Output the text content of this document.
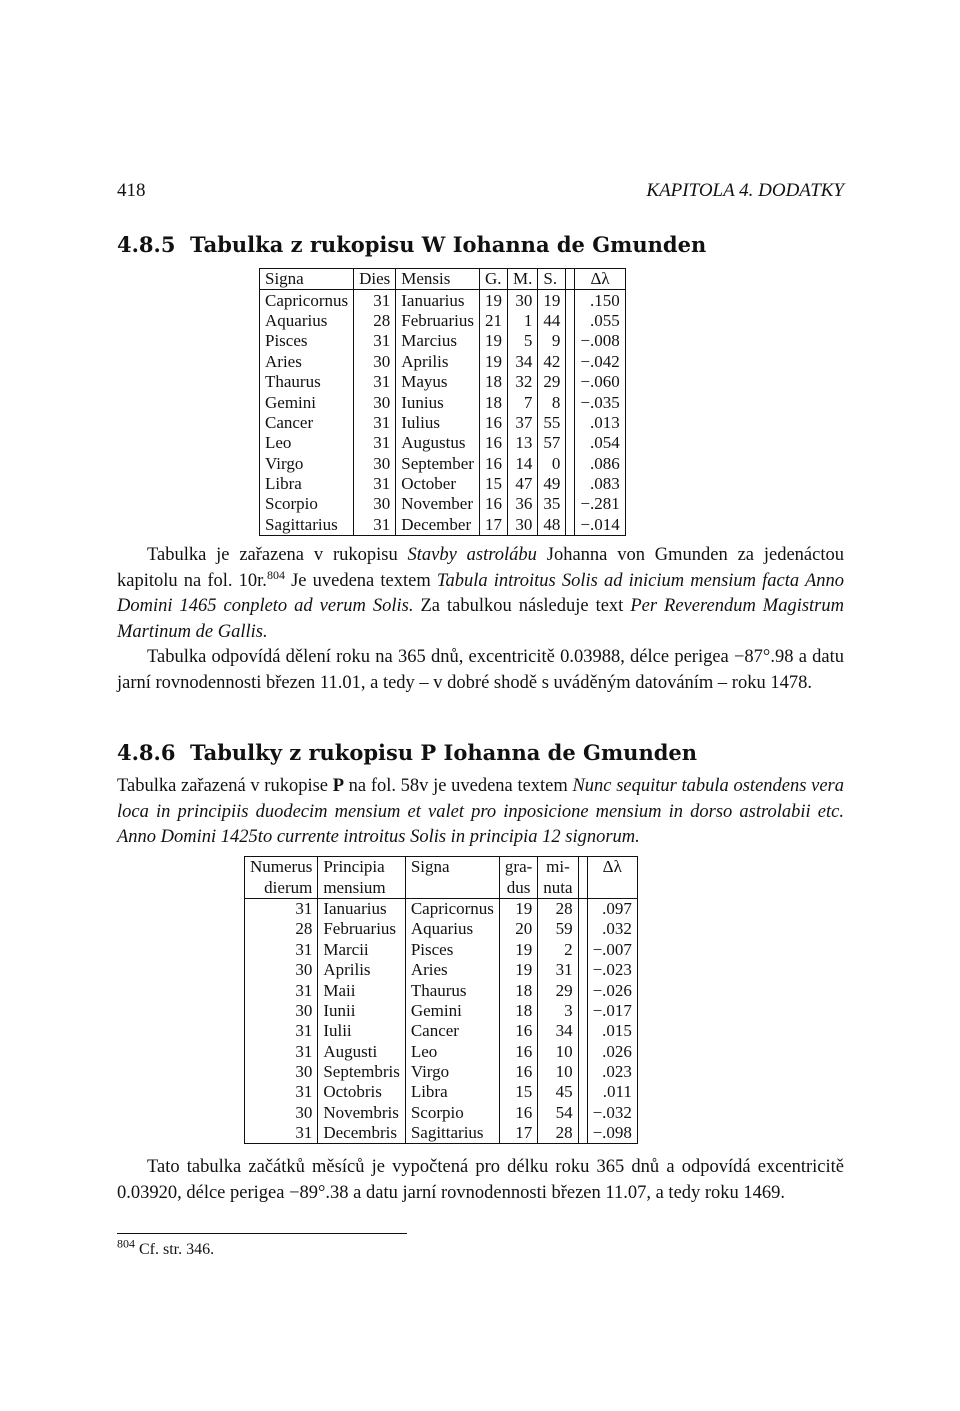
418	KAPITOLA 4. DODATKY
4.8.5 Tabulka z rukopisu W Iohanna de Gmunden
Signa	Dies	Mensis	G.	M.	S.		Δλ
Capricornus	31	Ianuarius	19	30	19		.150
Aquarius	28	Februarius	21	1	44		.055
Pisces	31	Marcius	19	5	9		−.008
Aries	30	Aprilis	19	34	42		−.042
Thaurus	31	Mayus	18	32	29		−.060
Gemini	30	Iunius	18	7	8		−.035
Cancer	31	Iulius	16	37	55		.013
Leo	31	Augustus	16	13	57		.054
Virgo	30	September	16	14	0		.086
Libra	31	October	15	47	49		.083
Scorpio	30	November	16	36	35		−.281
Sagittarius	31	December	17	30	48		−.014

Tabulka je zařazena v rukopisu Stavby astrolábu Johanna von Gmunden za jedenáctou kapitolu na fol. 10r.$^{804}$ Je uvedena textem Tabula introitus Solis ad inicium mensium facta Anno Domini 1465 conpleto ad verum Solis. Za tabulkou následuje text Per Reverendum Magistrum Martinum de Gallis.

Tabulka odpovídá dělení roku na 365 dnů, excentricitě 0.03988, délce perigea −87°.98 a datu jarní rovnodennosti březen 11.01, a tedy – v dobré shodě s uváděným datováním – roku 1478.

4.8.6 Tabulky z rukopisu P Iohanna de Gmunden

Tabulka zařazená v rukopise P na fol. 58v je uvedena textem Nunc sequitur tabula ostendens vera loca in principiis duodecim mensium et valet pro inposicione mensium in dorso astrolabii etc. Anno Domini 1425to currente introitus Solis in principia 12 signorum.

Numerus	Principia	Signa	gra-	mi-		Δλ
dierum	mensium		dus	nuta		
31	Ianuarius	Capricornus	19	28		.097
28	Februarius	Aquarius	20	59		.032
31	Marcii	Pisces	19	2		−.007
30	Aprilis	Aries	19	31		−.023
31	Maii	Thaurus	18	29		−.026
30	Iunii	Gemini	18	3		−.017
31	Iulii	Cancer	16	34		.015
31	Augusti	Leo	16	10		.026
30	Septembris	Virgo	16	10		.023
31	Octobris	Libra	15	45		.011
30	Novembris	Scorpio	16	54		−.032
31	Decembris	Sagittarius	17	28		−.098

Tato tabulka začátků měsíců je vypočtená pro délku roku 365 dnů a odpovídá excentricitě 0.03920, délce perigea −89°.38 a datu jarní rovnodennosti březen 11.07, a tedy roku 1469.

$^{804}$ Cf. str. 346.
